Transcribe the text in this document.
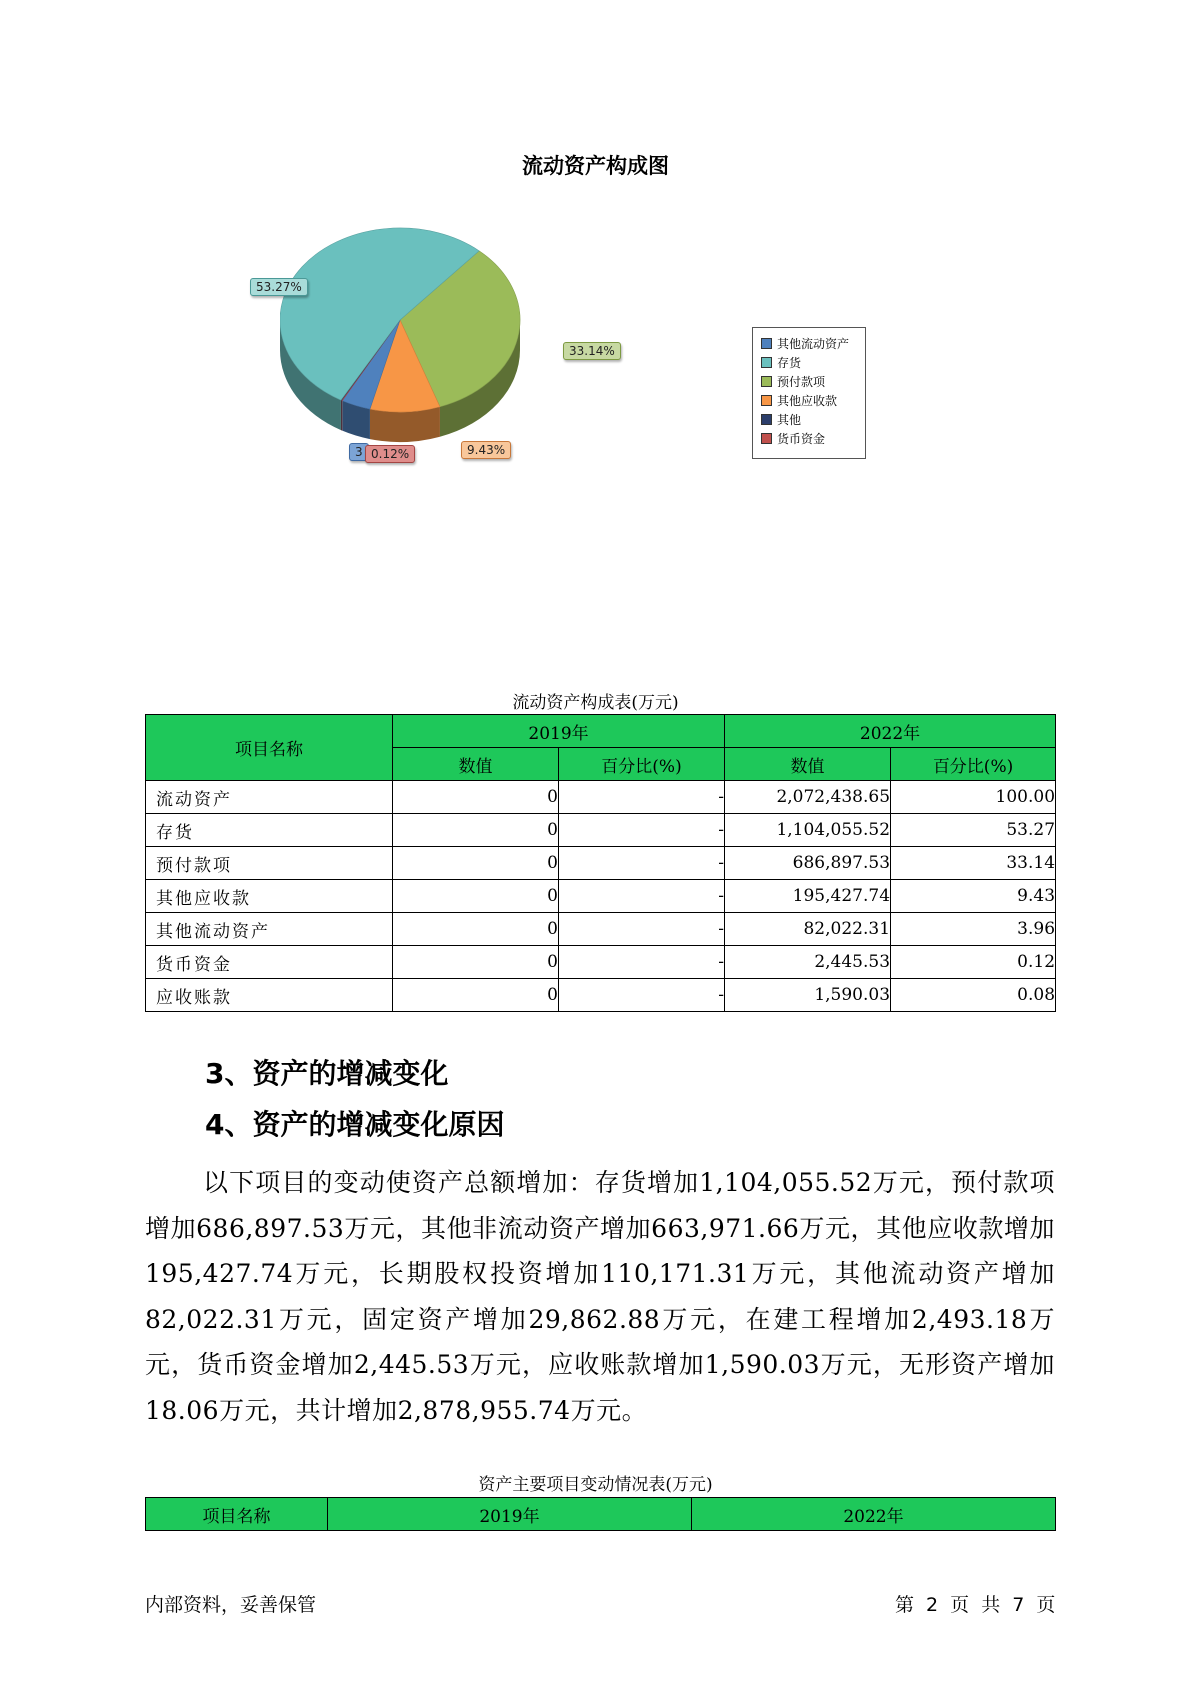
流动资产构成图
其他流动资产
存货
预付款项
其他应收款
其他
货币资金
流动资产构成表(万元)
项目名称	2019年		2022年	
	数值	百分比(%)	数值	百分比(%)
流动资产	0	-	2,072,438.65	100.00
存货	0	-	1,104,055.52	53.27
预付款项	0	-	686,897.53	33.14
其他应收款	0	-	195,427.74	9.43
其他流动资产	0	-	82,022.31	3.96
货币资金	0	-	2,445.53	0.12
应收账款	0	-	1,590.03	0.08
3、资产的增减变化
4、资产的增减变化原因
以下项目的变动使资产总额增加：存货增加1,104,055.52万元，预付款项增加686,897.53万元，其他非流动资产增加663,971.66万元，其他应收款增加195,427.74万元，长期股权投资增加110,171.31万元，其他流动资产增加82,022.31万元，固定资产增加29,862.88万元，在建工程增加2,493.18万元，货币资金增加2,445.53万元，应收账款增加1,590.03万元，无形资产增加18.06万元，共计增加2,878,955.74万元。
资产主要项目变动情况表(万元)
项目名称	2019年	2022年
内部资料，妥善保管	第 2 页 共 7 页
3
53.27%
33.14%
9.43%
0.12%
